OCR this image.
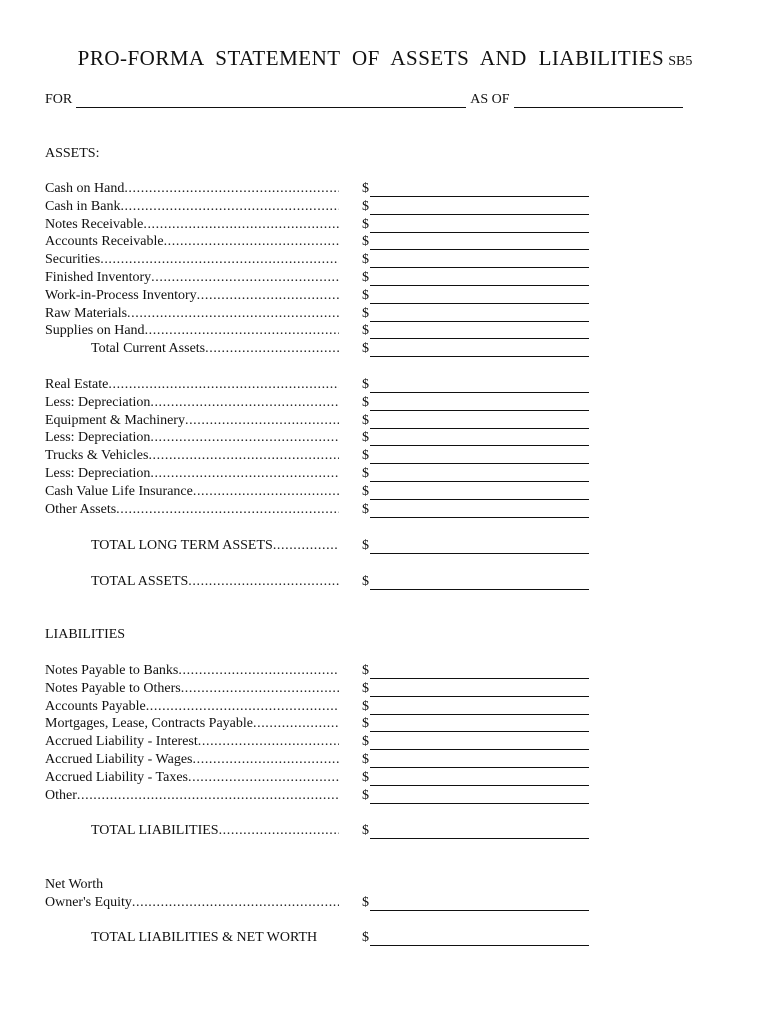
PRO-FORMA STATEMENT OF ASSETS AND LIABILITIES SB5
FOR	AS OF
ASSETS:
Cash on Hand .....	$
Cash in Bank .....	$
Notes Receivable .....	$
Accounts Receivable .....	$
Securities .....	$
Finished Inventory .....	$
Work-in-Process Inventory .....	$
Raw Materials .....	$
Supplies on Hand .....	$
Total Current Assets .....	$
Real Estate .....	$
Less: Depreciation .....	$
Equipment & Machinery .....	$
Less: Depreciation .....	$
Trucks & Vehicles .....	$
Less: Depreciation .....	$
Cash Value Life Insurance .....	$
Other Assets .....	$
TOTAL LONG TERM ASSETS .....	$
TOTAL ASSETS .....	$
LIABILITIES
Notes Payable to Banks .....	$
Notes Payable to Others .....	$
Accounts Payable .....	$
Mortgages, Lease, Contracts Payable .....	$
Accrued Liability - Interest .....	$
Accrued Liability - Wages .....	$
Accrued Liability - Taxes .....	$
Other .....	$
TOTAL LIABILITIES .....	$
Net Worth
Owner's Equity .....	$
TOTAL LIABILITIES & NET WORTH	$
